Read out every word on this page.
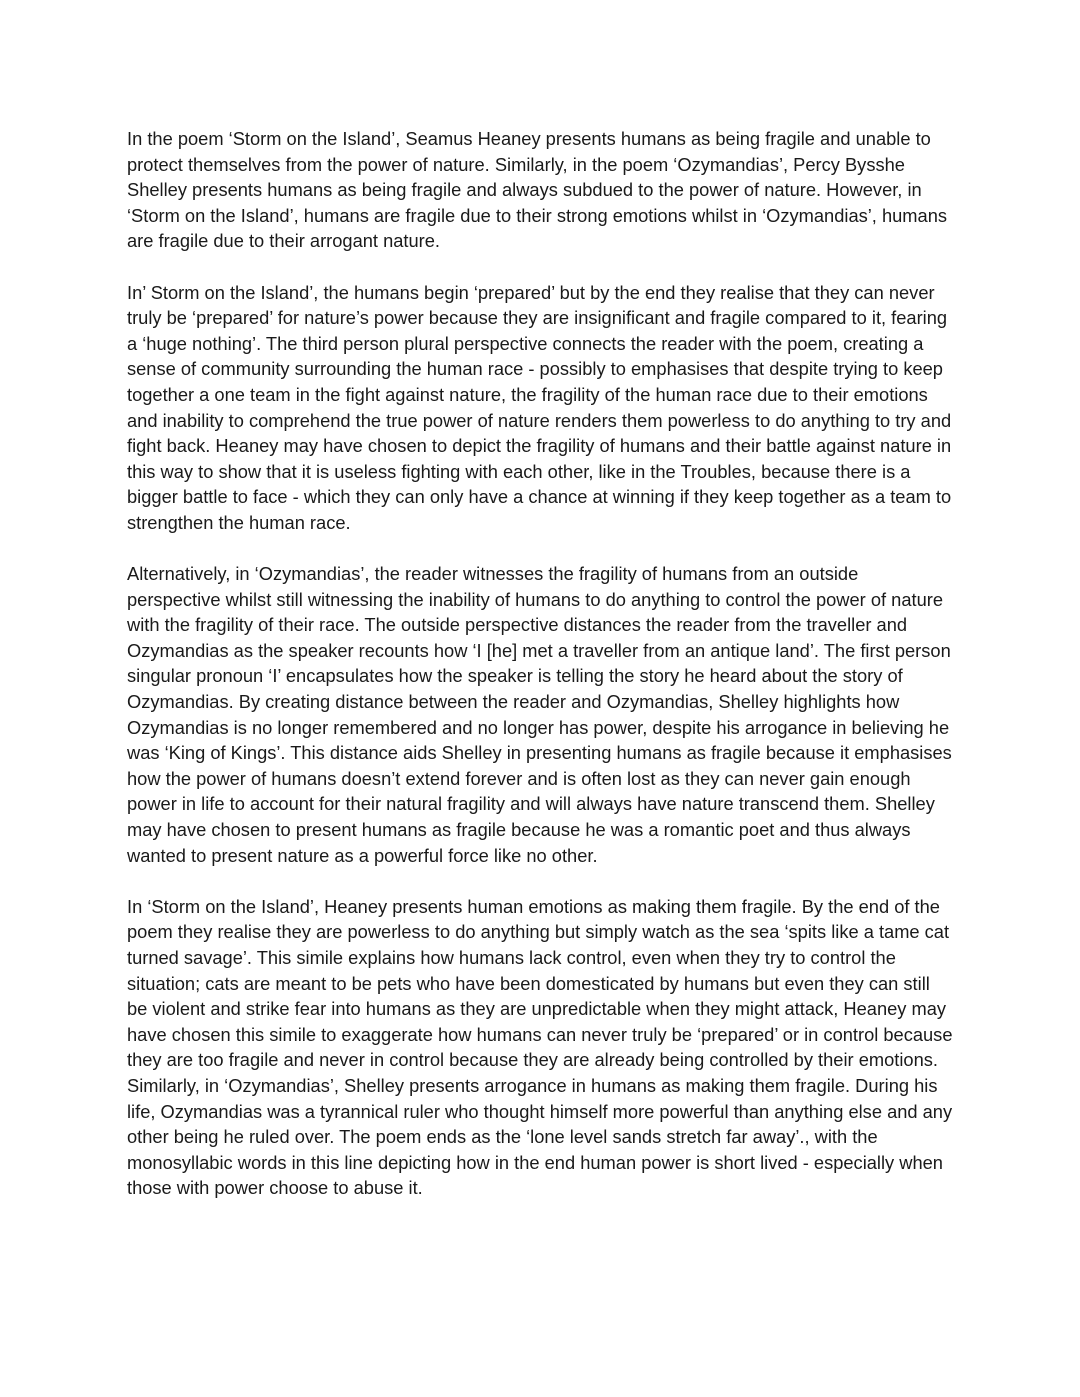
In the poem ‘Storm on the Island’, Seamus Heaney presents humans as being fragile and unable to protect themselves from the power of nature. Similarly, in the poem ‘Ozymandias’, Percy Bysshe Shelley presents humans as being fragile and always subdued to the power of nature. However, in ‘Storm on the Island’, humans are fragile due to their strong emotions whilst in ‘Ozymandias’, humans are fragile due to their arrogant nature.

In’ Storm on the Island’, the humans begin ‘prepared’ but by the end they realise that they can never truly be ‘prepared’ for nature’s power because they are insignificant and fragile compared to it, fearing a ‘huge nothing’. The third person plural perspective connects the reader with the poem, creating a sense of community surrounding the human race - possibly to emphasises that despite trying to keep together a one team in the fight against nature, the fragility of the human race due to their emotions and inability to comprehend the true power of nature renders them powerless to do anything to try and fight back. Heaney may have chosen to depict the fragility of humans and their battle against nature in this way to show that it is useless fighting with each other, like in the Troubles, because there is a bigger battle to face - which they can only have a chance at winning if they keep together as a team to strengthen the human race.

Alternatively, in ‘Ozymandias’, the reader witnesses the fragility of humans from an outside perspective whilst still witnessing the inability of humans to do anything to control the power of nature with the fragility of their race. The outside perspective distances the reader from the traveller and Ozymandias as the speaker recounts how ‘I [he] met a traveller from an antique land’. The first person singular pronoun ‘I’ encapsulates how the speaker is telling the story he heard about the story of Ozymandias. By creating distance between the reader and Ozymandias, Shelley highlights how Ozymandias is no longer remembered and no longer has power, despite his arrogance in believing he was ‘King of Kings’. This distance aids Shelley in presenting humans as fragile because it emphasises how the power of humans doesn’t extend forever and is often lost as they can never gain enough power in life to account for their natural fragility and will always have nature transcend them. Shelley may have chosen to present humans as fragile because he was a romantic poet and thus always wanted to present nature as a powerful force like no other.

In ‘Storm on the Island’, Heaney presents human emotions as making them fragile. By the end of the poem they realise they are powerless to do anything but simply watch as the sea ‘spits like a tame cat turned savage’. This simile explains how humans lack control, even when they try to control the situation; cats are meant to be pets who have been domesticated by humans but even they can still be violent and strike fear into humans as they are unpredictable when they might attack, Heaney may have chosen this simile to exaggerate how humans can never truly be ‘prepared’ or in control because they are too fragile and never in control because they are already being controlled by their emotions. Similarly, in ‘Ozymandias’, Shelley presents arrogance in humans as making them fragile. During his life, Ozymandias was a tyrannical ruler who thought himself more powerful than anything else and any other being he ruled over. The poem ends as the ‘lone level sands stretch far away’., with the monosyllabic words in this line depicting how in the end human power is short lived - especially when those with power choose to abuse it.
